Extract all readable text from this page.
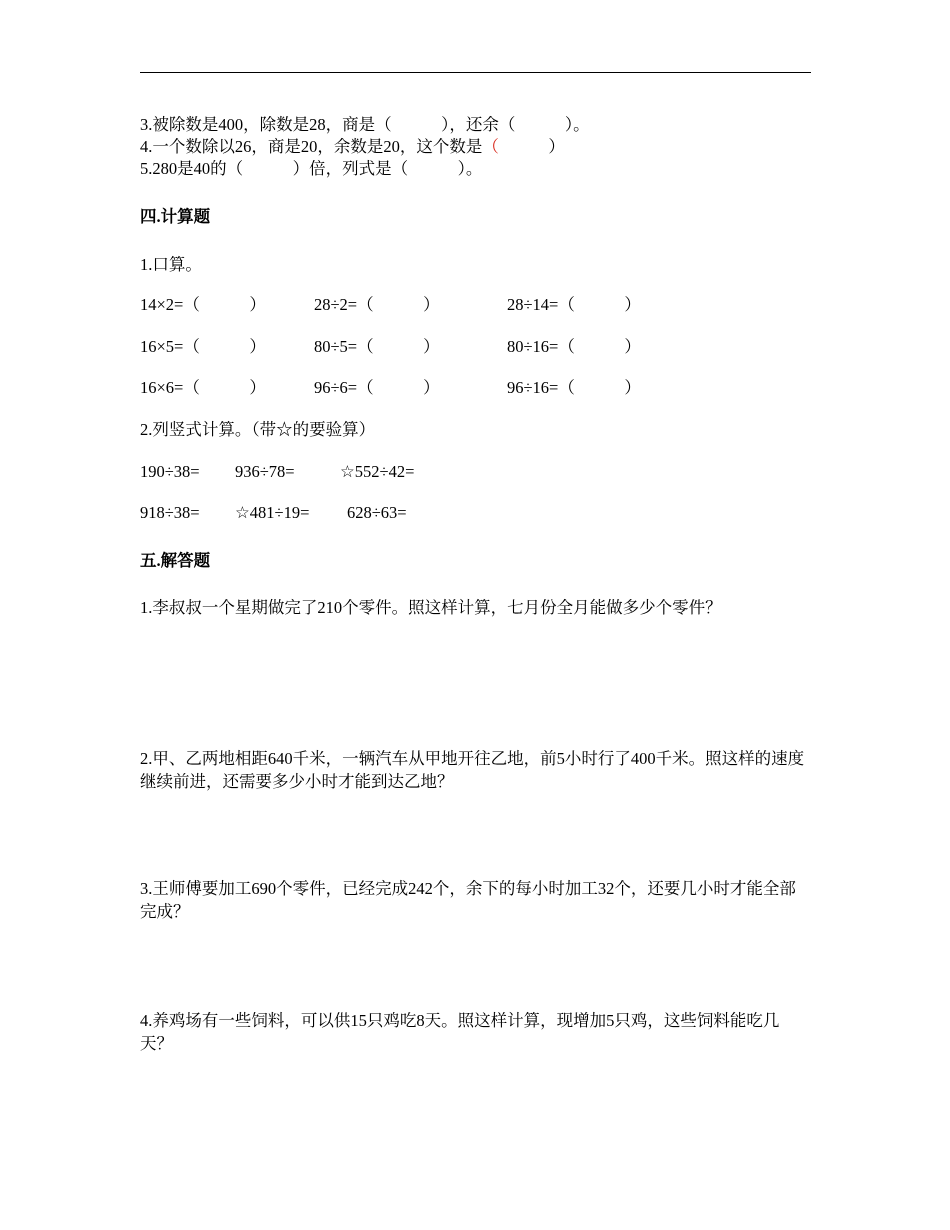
3.被除数是400，除数是28，商是（　　　），还余（　　　）。
4.一个数除以26，商是20，余数是20，这个数是（　　　）
5.280是40的（　　　）倍，列式是（　　　）。
四.计算题
1.口算。
14×2=（　　　）	28÷2=（　　　）	28÷14=（　　　）
16×5=（　　　）	80÷5=（　　　）	80÷16=（　　　）
16×6=（　　　）	96÷6=（　　　）	96÷16=（　　　）
2.列竖式计算。（带☆的要验算）
190÷38= 936÷78=	☆552÷42=
918÷38= ☆481÷19= 628÷63=
五.解答题
1.李叔叔一个星期做完了210个零件。照这样计算，七月份全月能做多少个零件？
2.甲、乙两地相距640千米，一辆汽车从甲地开往乙地，前5小时行了400千米。照这样的速度继续前进，还需要多少小时才能到达乙地？
3.王师傅要加工690个零件，已经完成242个，余下的每小时加工32个，还要几小时才能全部完成？
4.养鸡场有一些饲料，可以供15只鸡吃8天。照这样计算，现增加5只鸡，这些饲料能吃几天？
